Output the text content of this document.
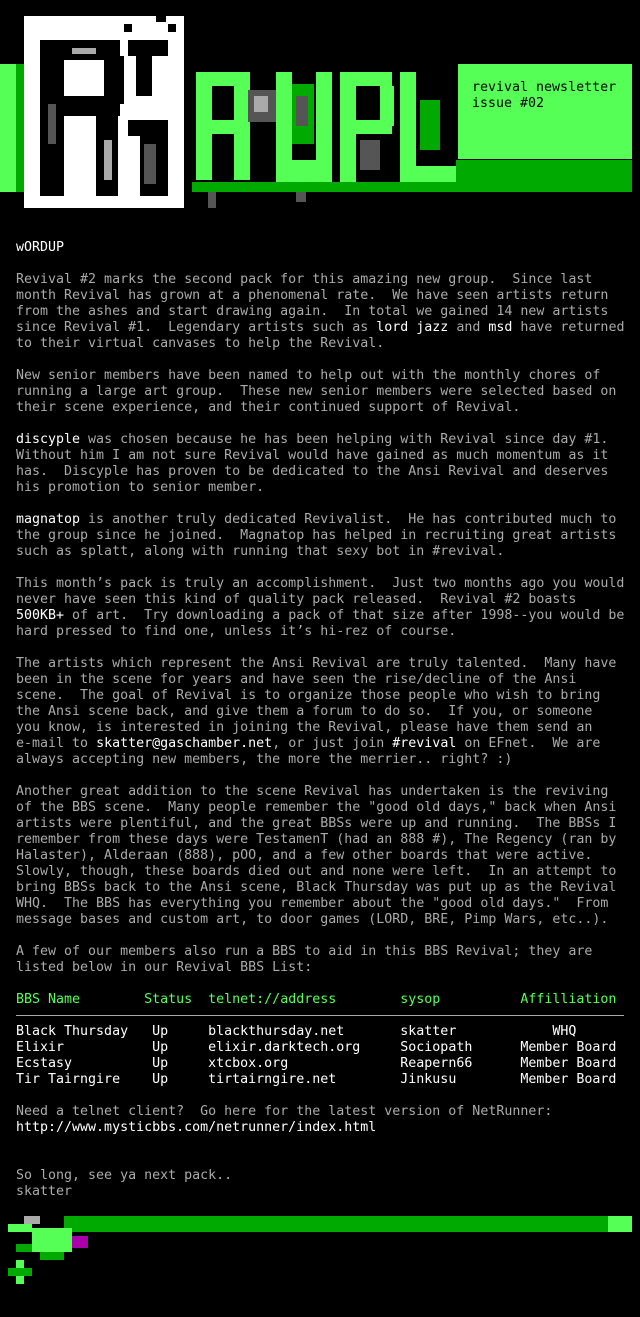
revival newsletter
issue #02
wORDUP
Revival #2 marks the second pack for this amazing new group.  Since last
month Revival has grown at a phenomenal rate.  We have seen artists return
from the ashes and start drawing again.  In total we gained 14 new artists
since Revival #1.  Legendary artists such as lord jazz and msd have returned
to their virtual canvases to help the Revival.
New senior members have been named to help out with the monthly chores of
running a large art group.  These new senior members were selected based on
their scene experience, and their continued support of Revival.
discyple was chosen because he has been helping with Revival since day #1.
Without him I am not sure Revival would have gained as much momentum as it
has.  Discyple has proven to be dedicated to the Ansi Revival and deserves
his promotion to senior member.
magnatop is another truly dedicated Revivalist.  He has contributed much to
the group since he joined.  Magnatop has helped in recruiting great artists
such as splatt, along with running that sexy bot in #revival.
This month’s pack is truly an accomplishment.  Just two months ago you would
never have seen this kind of quality pack released.  Revival #2 boasts
500KB+ of art.  Try downloading a pack of that size after 1998--you would be
hard pressed to find one, unless it’s hi-rez of course.
The artists which represent the Ansi Revival are truly talented.  Many have
been in the scene for years and have seen the rise/decline of the Ansi
scene.  The goal of Revival is to organize those people who wish to bring
the Ansi scene back, and give them a forum to do so.  If you, or someone
you know, is interested in joining the Revival, please have them send an
e-mail to skatter@gaschamber.net, or just join #revival on EFnet.  We are
always accepting new members, the more the merrier.. right? :)
Another great addition to the scene Revival has undertaken is the reviving
of the BBS scene.  Many people remember the "good old days," back when Ansi
artists were plentiful, and the great BBSs were up and running.  The BBSs I
remember from these days were TestamenT (had an 888 #), The Regency (ran by
Halaster), Alderaan (888), pOO, and a few other boards that were active.
Slowly, though, these boards died out and none were left.  In an attempt to
bring BBSs back to the Ansi scene, Black Thursday was put up as the Revival
WHQ.  The BBS has everything you remember about the "good old days."  From
message bases and custom art, to door games (LORD, BRE, Pimp Wars, etc..).
A few of our members also run a BBS to aid in this BBS Revival; they are
listed below in our Revival BBS List:
BBS Name        Status  telnet://address        sysop          Affilliation
Black Thursday   Up     blackthursday.net       skatter            WHQ
Elixir           Up     elixir.darktech.org     Sociopath      Member Board
Ecstasy          Up     xtcbox.org              Reapern66      Member Board
Tir Tairngire    Up     tirtairngire.net        Jinkusu        Member Board
Need a telnet client?  Go here for the latest version of NetRunner:
http://www.mysticbbs.com/netrunner/index.html
So long, see ya next pack..
skatter
